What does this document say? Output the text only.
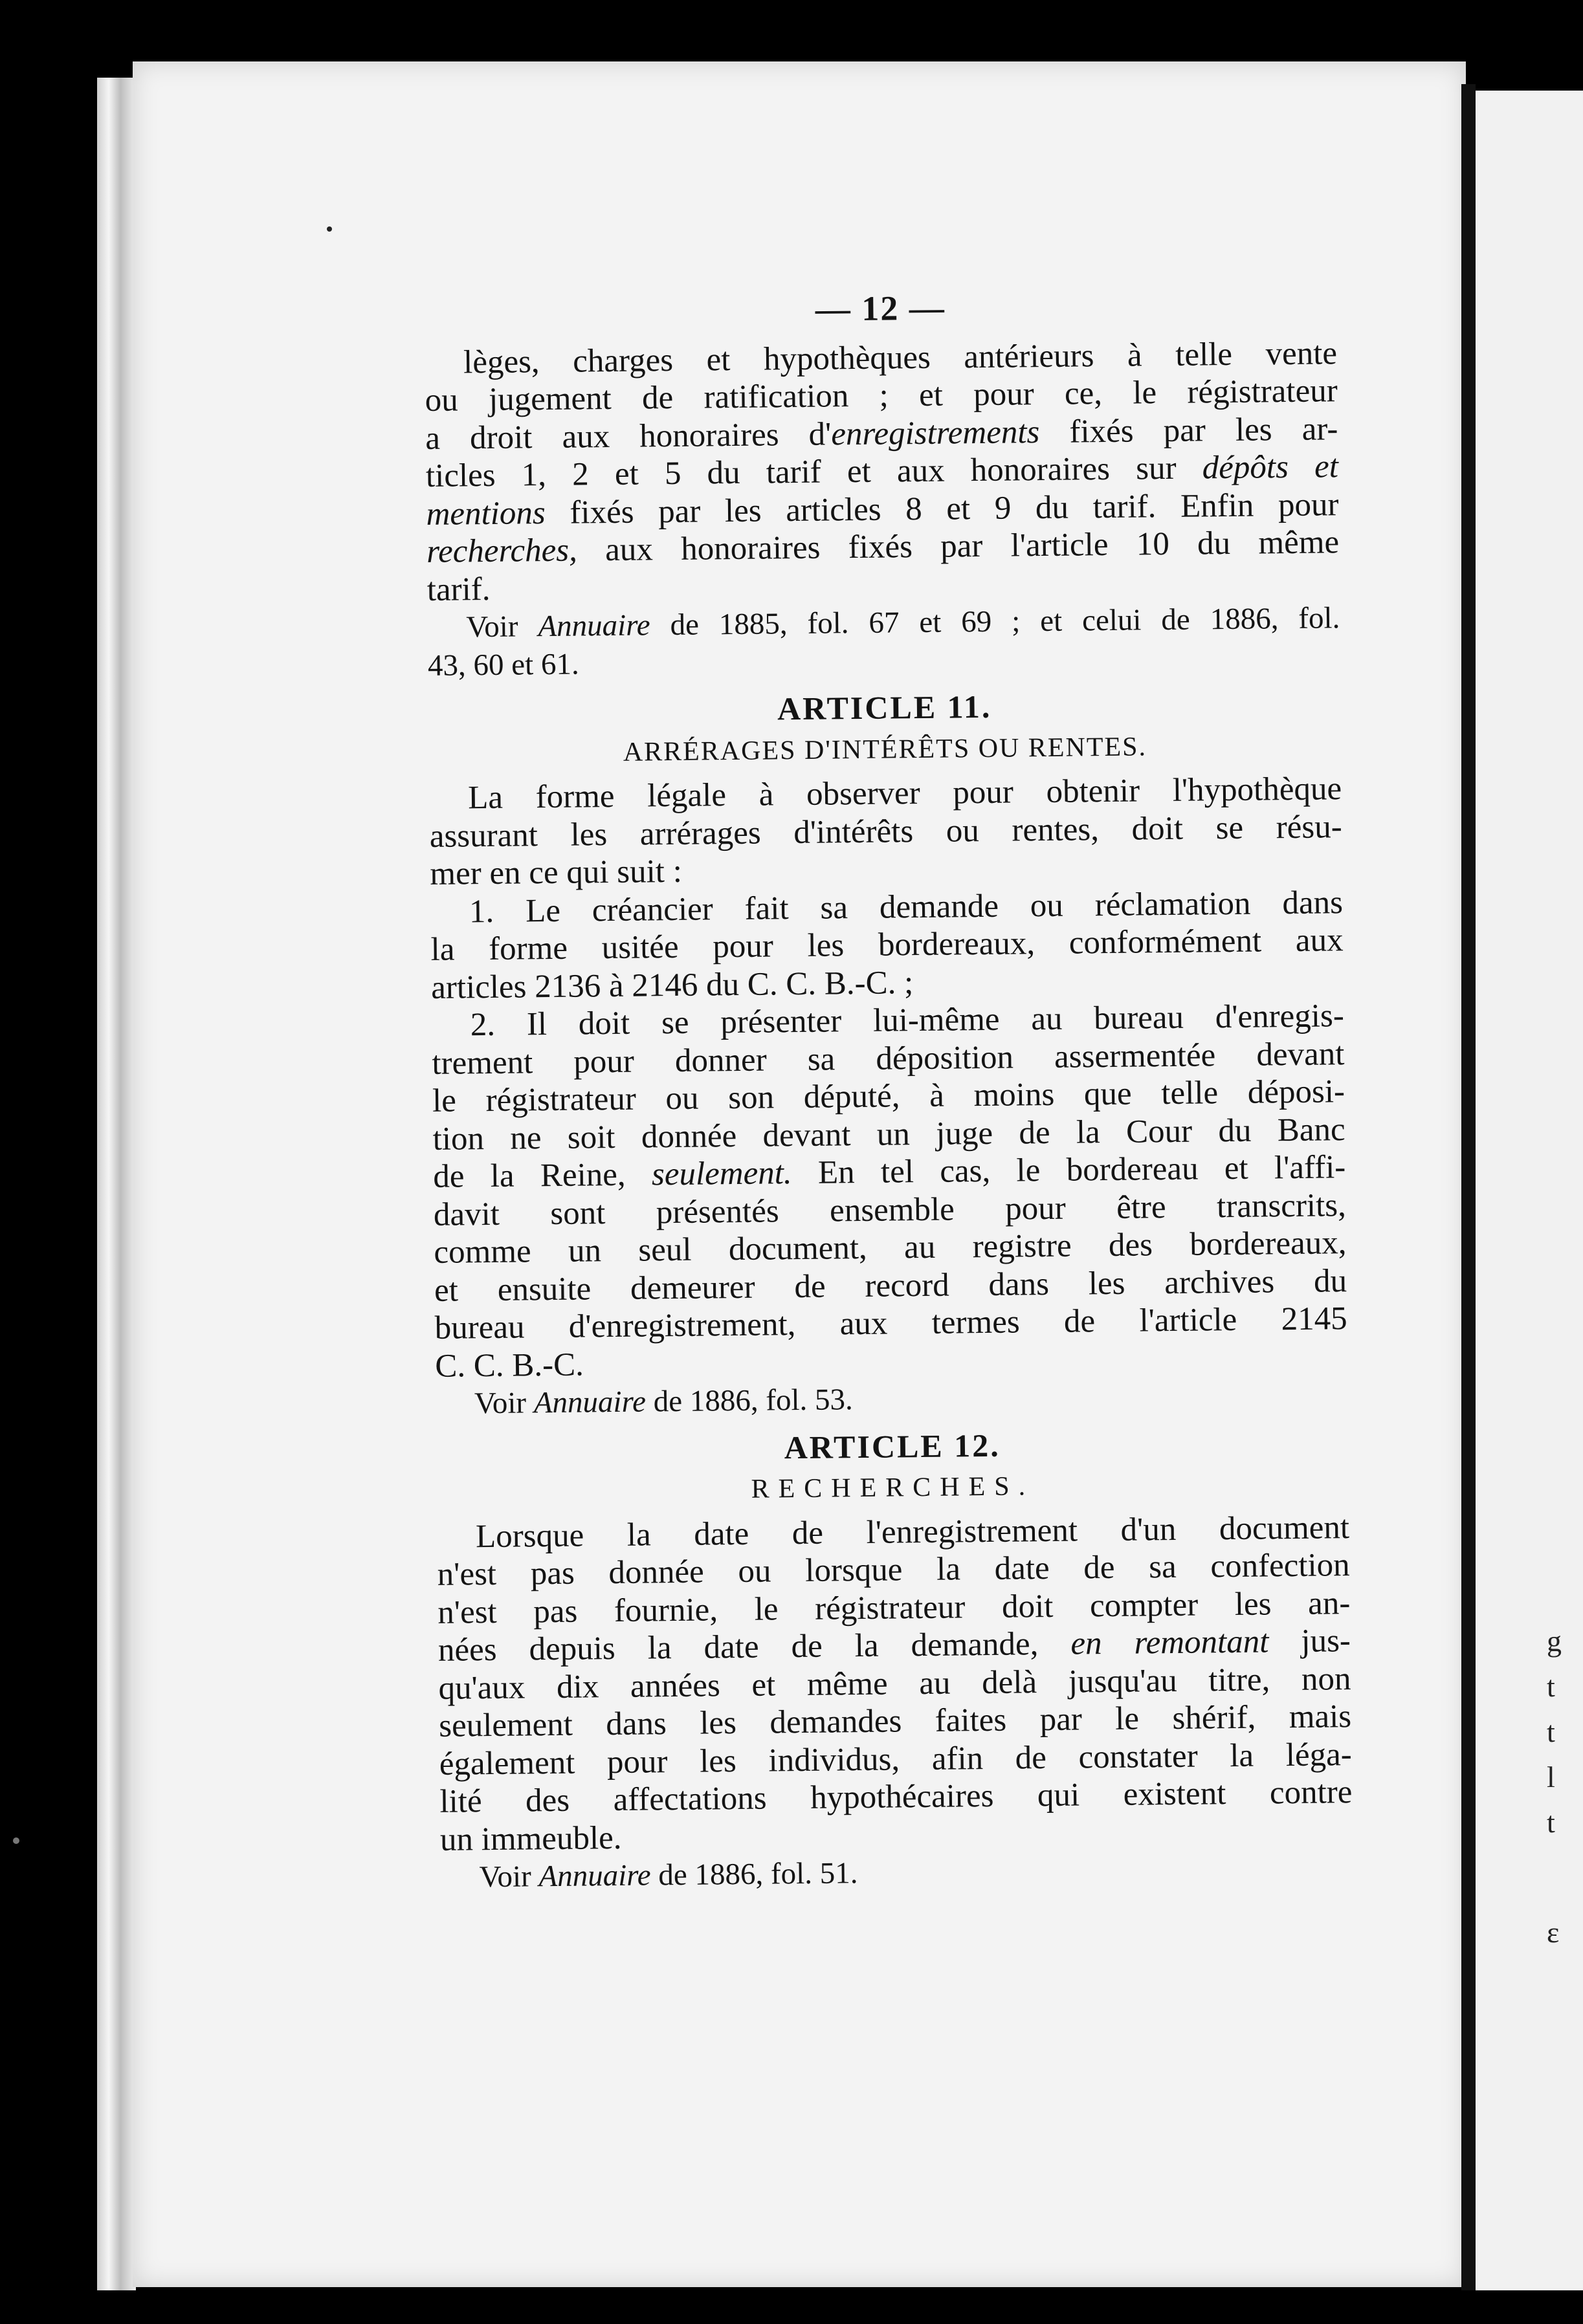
g
t
t
l
t
ε
— 12 —
lèges, charges et hypothèques antérieurs à telle vente
ou jugement de ratification ; et pour ce, le régistrateur
a droit aux honoraires d'enregistrements fixés par les ar-
ticles 1, 2 et 5 du tarif et aux honoraires sur dépôts et
mentions fixés par les articles 8 et 9 du tarif. Enfin pour
recherches, aux honoraires fixés par l'article 10 du même
tarif.
Voir Annuaire de 1885, fol. 67 et 69 ; et celui de 1886, fol.
43, 60 et 61.
ARTICLE 11.
ARRÉRAGES D'INTÉRÊTS OU RENTES.
La forme légale à observer pour obtenir l'hypothèque
assurant les arrérages d'intérêts ou rentes, doit se résu-
mer en ce qui suit :
1. Le créancier fait sa demande ou réclamation dans
la forme usitée pour les bordereaux, conformément aux
articles 2136 à 2146 du C. C. B.-C. ;
2. Il doit se présenter lui-même au bureau d'enregis-
trement pour donner sa déposition assermentée devant
le régistrateur ou son député, à moins que telle déposi-
tion ne soit donnée devant un juge de la Cour du Banc
de la Reine, seulement. En tel cas, le bordereau et l'affi-
davit sont présentés ensemble pour être transcrits,
comme un seul document, au registre des bordereaux,
et ensuite demeurer de record dans les archives du
bureau d'enregistrement, aux termes de l'article 2145
C. C. B.-C.
Voir Annuaire de 1886, fol. 53.
ARTICLE 12.
RECHERCHES.
Lorsque la date de l'enregistrement d'un document
n'est pas donnée ou lorsque la date de sa confection
n'est pas fournie, le régistrateur doit compter les an-
nées depuis la date de la demande, en remontant jus-
qu'aux dix années et même au delà jusqu'au titre, non
seulement dans les demandes faites par le shérif, mais
également pour les individus, afin de constater la léga-
lité des affectations hypothécaires qui existent contre
un immeuble.
Voir Annuaire de 1886, fol. 51.
